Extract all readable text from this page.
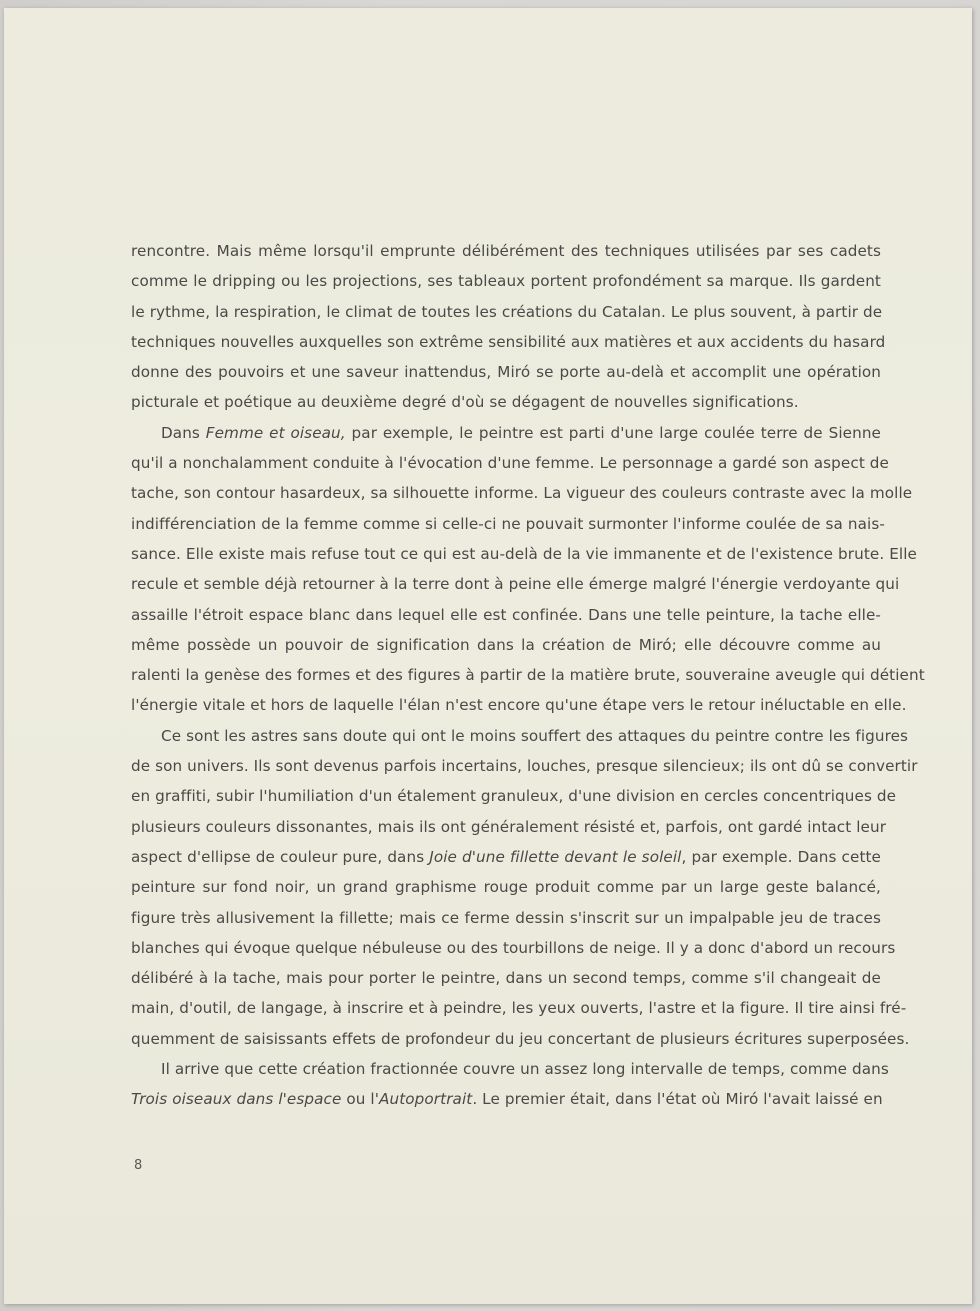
rencontre. Mais même lorsqu'il emprunte délibérément des techniques utilisées par ses cadets
comme le dripping ou les projections, ses tableaux portent profondément sa marque. Ils gardent
le rythme, la respiration, le climat de toutes les créations du Catalan. Le plus souvent, à partir de
techniques nouvelles auxquelles son extrême sensibilité aux matières et aux accidents du hasard
donne des pouvoirs et une saveur inattendus, Miró se porte au-delà et accomplit une opération
picturale et poétique au deuxième degré d'où se dégagent de nouvelles significations.
Dans Femme et oiseau, par exemple, le peintre est parti d'une large coulée terre de Sienne
qu'il a nonchalamment conduite à l'évocation d'une femme. Le personnage a gardé son aspect de
tache, son contour hasardeux, sa silhouette informe. La vigueur des couleurs contraste avec la molle
indifférenciation de la femme comme si celle-ci ne pouvait surmonter l'informe coulée de sa nais-
sance. Elle existe mais refuse tout ce qui est au-delà de la vie immanente et de l'existence brute. Elle
recule et semble déjà retourner à la terre dont à peine elle émerge malgré l'énergie verdoyante qui
assaille l'étroit espace blanc dans lequel elle est confinée. Dans une telle peinture, la tache elle-
même possède un pouvoir de signification dans la création de Miró; elle découvre comme au
ralenti la genèse des formes et des figures à partir de la matière brute, souveraine aveugle qui détient
l'énergie vitale et hors de laquelle l'élan n'est encore qu'une étape vers le retour inéluctable en elle.
Ce sont les astres sans doute qui ont le moins souffert des attaques du peintre contre les figures
de son univers. Ils sont devenus parfois incertains, louches, presque silencieux; ils ont dû se convertir
en graffiti, subir l'humiliation d'un étalement granuleux, d'une division en cercles concentriques de
plusieurs couleurs dissonantes, mais ils ont généralement résisté et, parfois, ont gardé intact leur
aspect d'ellipse de couleur pure, dans Joie d'une fillette devant le soleil, par exemple. Dans cette
peinture sur fond noir, un grand graphisme rouge produit comme par un large geste balancé,
figure très allusivement la fillette; mais ce ferme dessin s'inscrit sur un impalpable jeu de traces
blanches qui évoque quelque nébuleuse ou des tourbillons de neige. Il y a donc d'abord un recours
délibéré à la tache, mais pour porter le peintre, dans un second temps, comme s'il changeait de
main, d'outil, de langage, à inscrire et à peindre, les yeux ouverts, l'astre et la figure. Il tire ainsi fré-
quemment de saisissants effets de profondeur du jeu concertant de plusieurs écritures superposées.
Il arrive que cette création fractionnée couvre un assez long intervalle de temps, comme dans
Trois oiseaux dans l'espace ou l'Autoportrait. Le premier était, dans l'état où Miró l'avait laissé en
8
